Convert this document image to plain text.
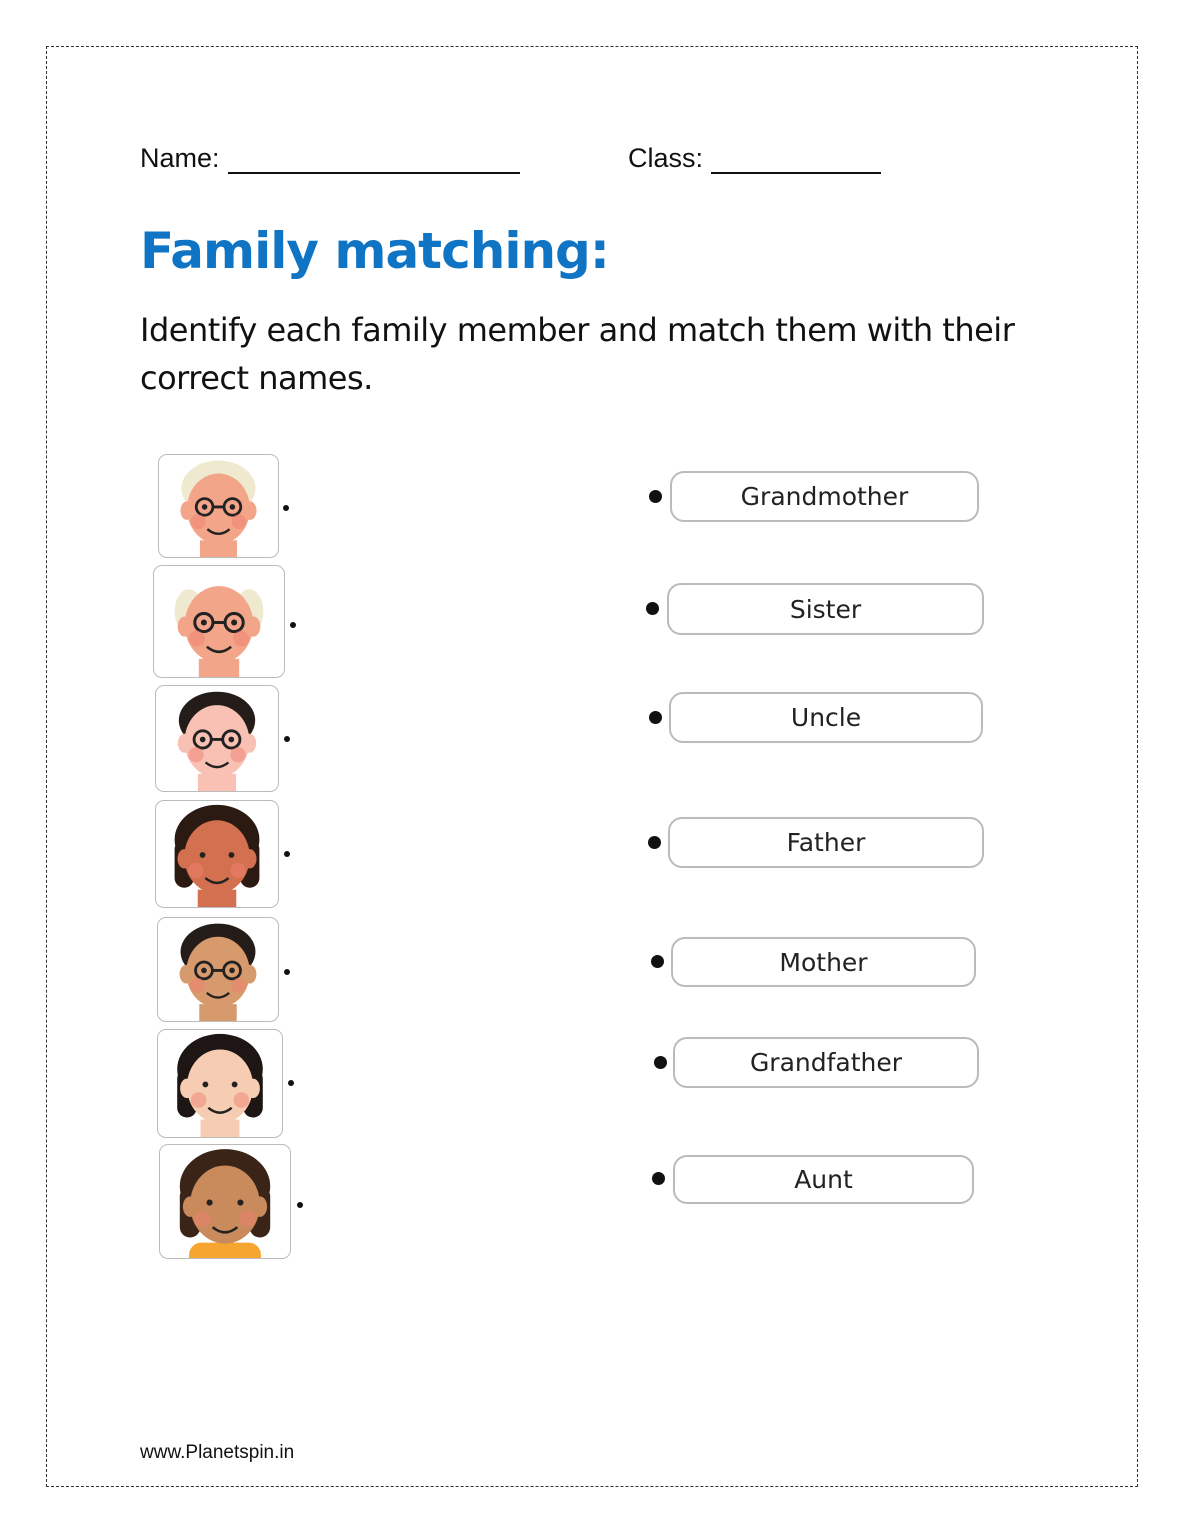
Name:	Class:
Family matching:
Identify each family member and match them with their correct names.
Grandmother
Sister
Uncle
Father
Mother
Grandfather
Aunt
www.Planetspin.in
